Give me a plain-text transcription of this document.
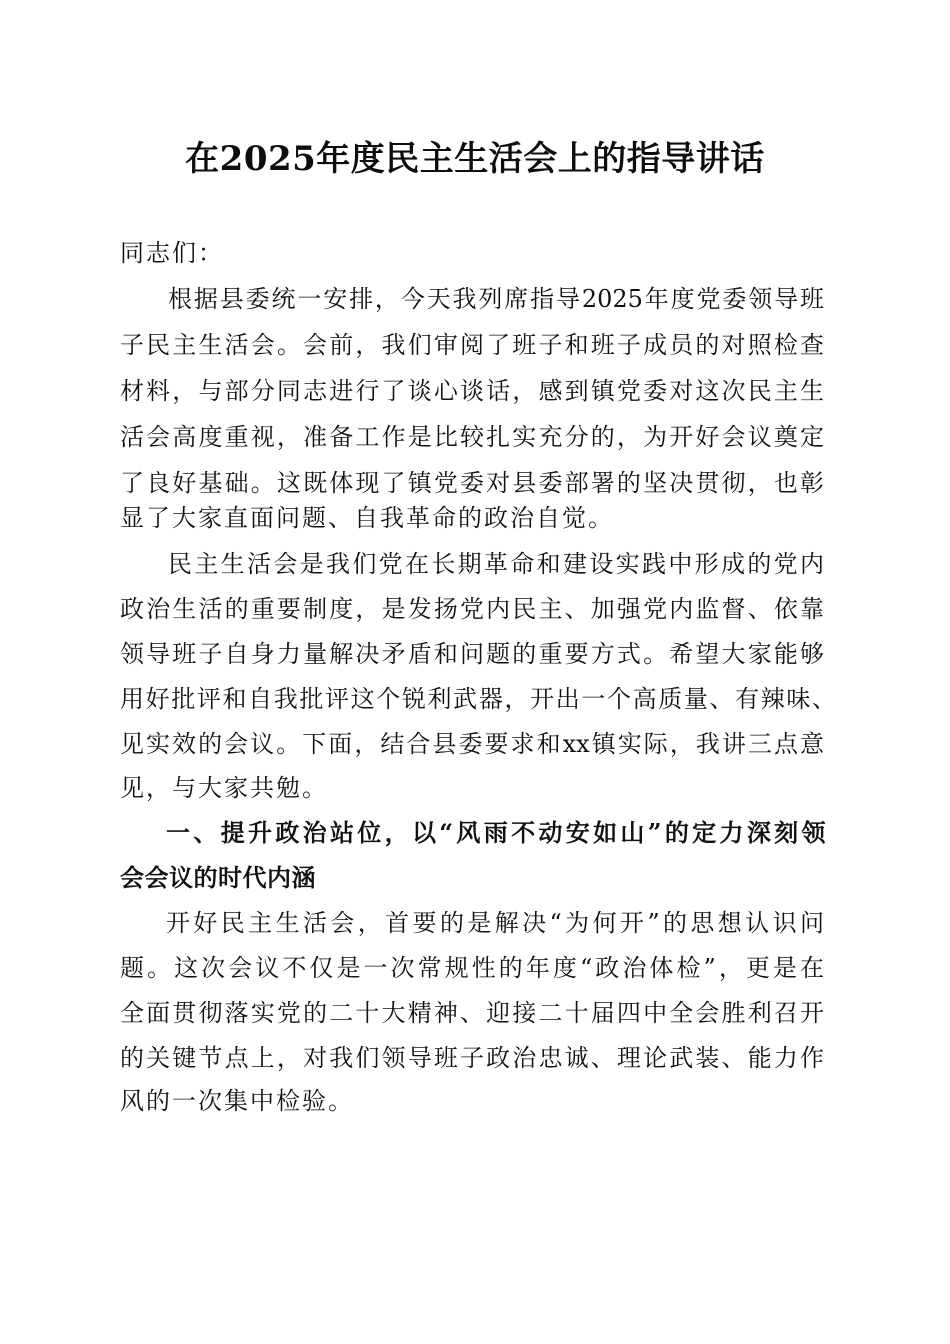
在2025年度民主生活会上的指导讲话
同志们：
根据县委统一安排，今天我列席指导2025年度党委领导班
子民主生活会。会前，我们审阅了班子和班子成员的对照检查
材料，与部分同志进行了谈心谈话，感到镇党委对这次民主生
活会高度重视，准备工作是比较扎实充分的，为开好会议奠定
了良好基础。这既体现了镇党委对县委部署的坚决贯彻，也彰
显了大家直面问题、自我革命的政治自觉。
民主生活会是我们党在长期革命和建设实践中形成的党内
政治生活的重要制度，是发扬党内民主、加强党内监督、依靠
领导班子自身力量解决矛盾和问题的重要方式。希望大家能够
用好批评和自我批评这个锐利武器，开出一个高质量、有辣味、
见实效的会议。下面，结合县委要求和xx镇实际，我讲三点意
见，与大家共勉。
一、提升政治站位，以“风雨不动安如山”的定力深刻领
会会议的时代内涵
开好民主生活会，首要的是解决“为何开”的思想认识问
题。这次会议不仅是一次常规性的年度“政治体检”，更是在
全面贯彻落实党的二十大精神、迎接二十届四中全会胜利召开
的关键节点上，对我们领导班子政治忠诚、理论武装、能力作
风的一次集中检验。
